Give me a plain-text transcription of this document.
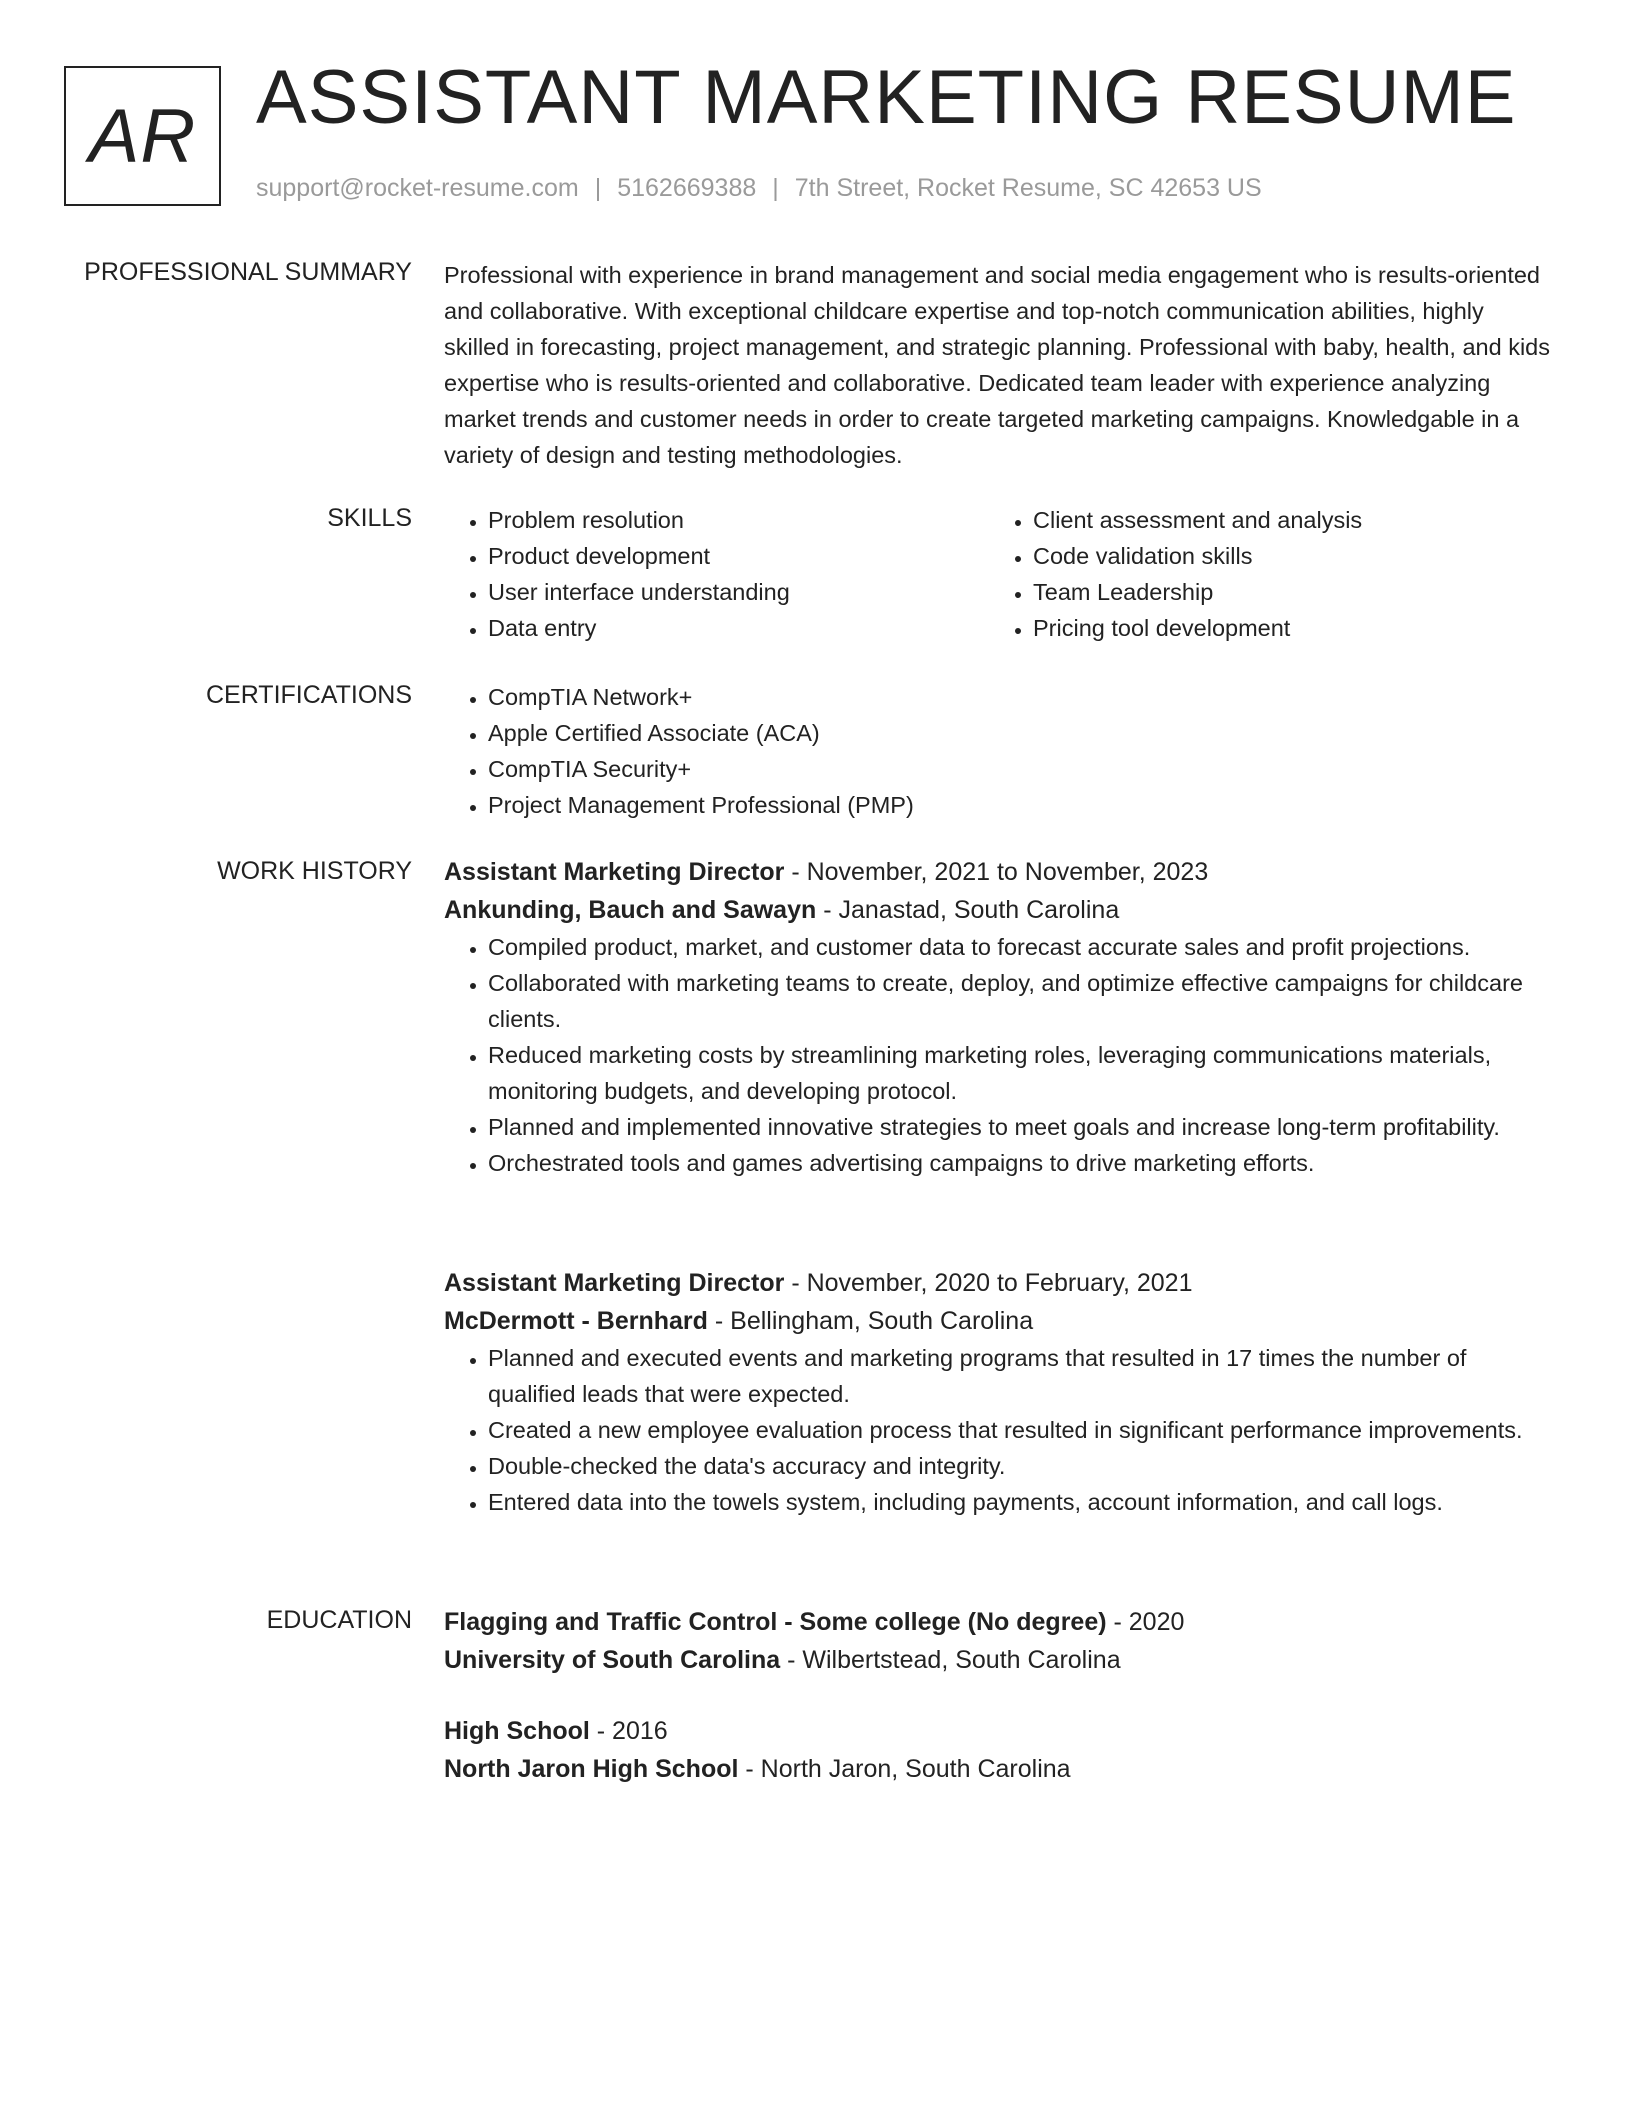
AR ASSISTANT MARKETING RESUME
support@rocket-resume.com | 5162669388 | 7th Street, Rocket Resume, SC 42653 US
PROFESSIONAL SUMMARY Professional with experience in brand management and social media engagement who is results-oriented and collaborative. With exceptional childcare expertise and top-notch communication abilities, highly skilled in forecasting, project management, and strategic planning. Professional with baby, health, and kids expertise who is results-oriented and collaborative. Dedicated team leader with experience analyzing market trends and customer needs in order to create targeted marketing campaigns. Knowledgable in a variety of design and testing methodologies.

SKILLS	• Problem resolution
• Product development
• User interface understanding
• Data entry
• Client assessment and analysis
• Code validation skills
• Team Leadership
• Pricing tool development
CERTIFICATIONS	• CompTIA Network+
• Apple Certified Associate (ACA)
• CompTIA Security+
• Project Management Professional (PMP)
WORK HISTORY Assistant Marketing Director - November, 2021 to November, 2023
Ankunding, Bauch and Sawayn - Janastad, South Carolina
• Compiled product, market, and customer data to forecast accurate sales and profit projections.
• Collaborated with marketing teams to create, deploy, and optimize effective campaigns for childcare clients.
• Reduced marketing costs by streamlining marketing roles, leveraging communications materials, monitoring budgets, and developing protocol.
• Planned and implemented innovative strategies to meet goals and increase long-term profitability.
• Orchestrated tools and games advertising campaigns to drive marketing efforts.
Assistant Marketing Director - November, 2020 to February, 2021
McDermott - Bernhard - Bellingham, South Carolina
• Planned and executed events and marketing programs that resulted in 17 times the number of qualified leads that were expected.
• Created a new employee evaluation process that resulted in significant performance improvements.
• Double-checked the data's accuracy and integrity.
• Entered data into the towels system, including payments, account information, and call logs.
EDUCATION Flagging and Traffic Control - Some college (No degree) - 2020
University of South Carolina - Wilbertstead, South Carolina
High School - 2016
North Jaron High School - North Jaron, South Carolina
